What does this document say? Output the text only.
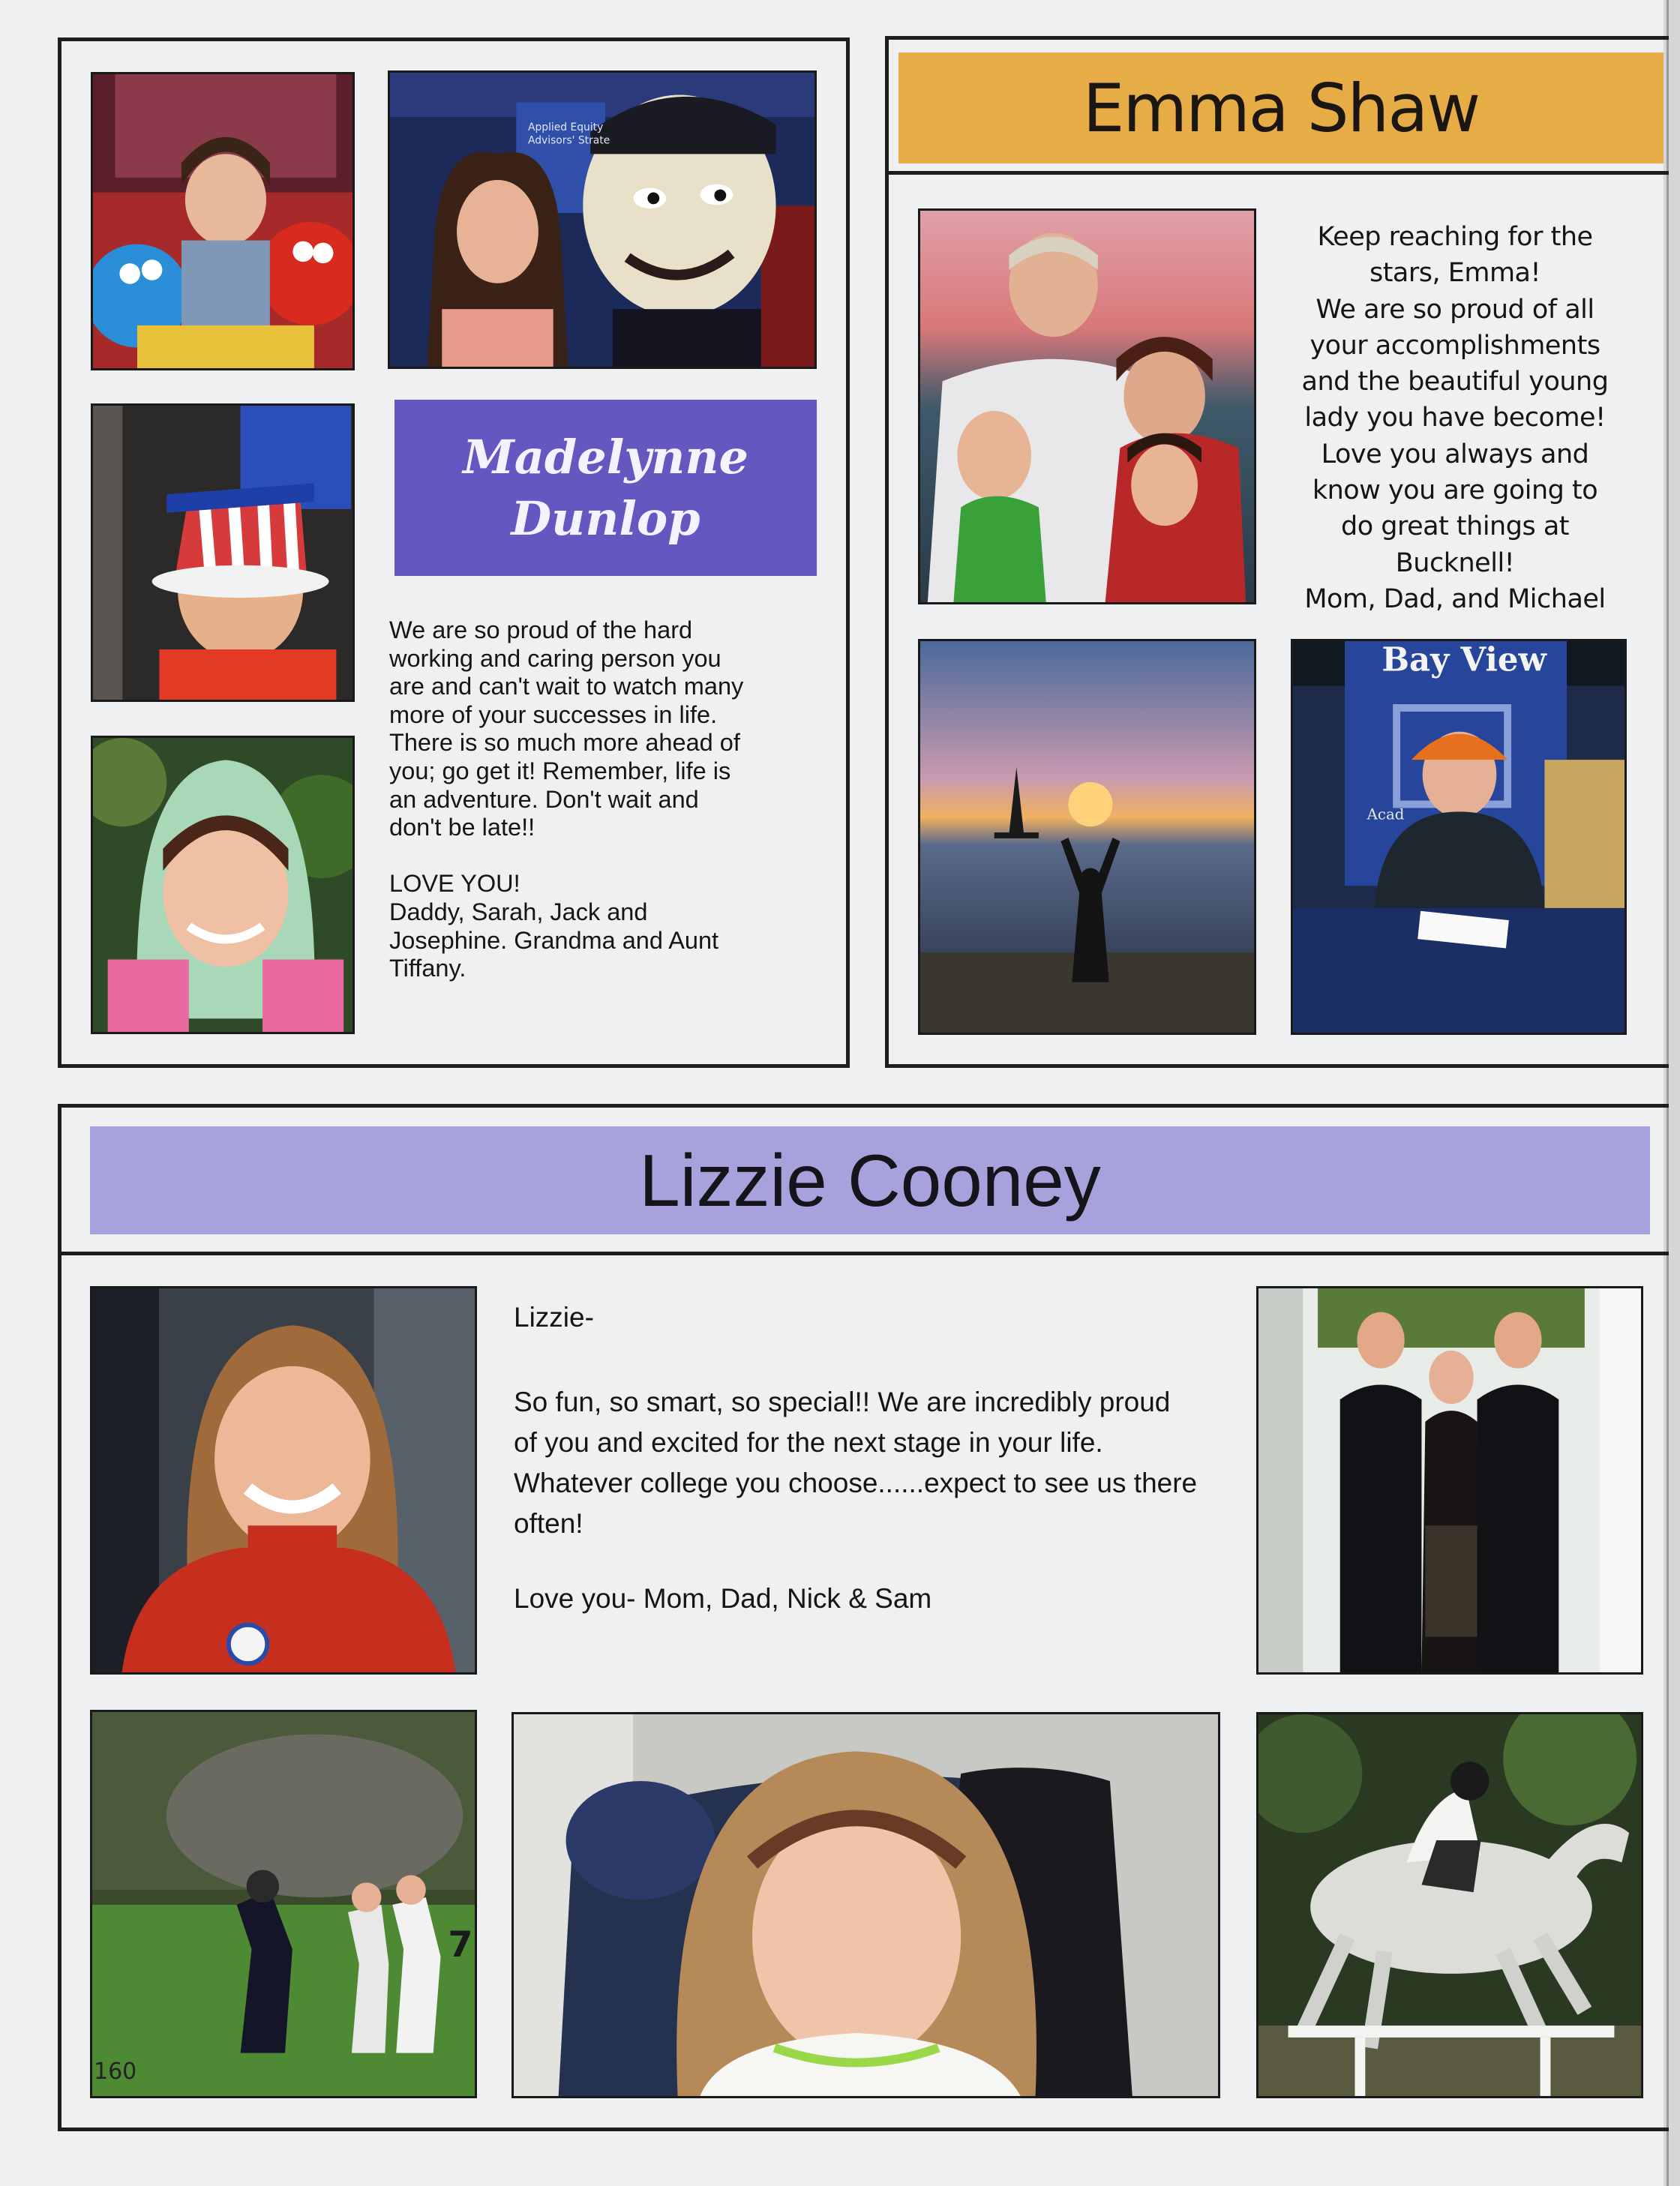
Applied Equity Advisors' Strate
Madelynne
Dunlop
We are so proud of the hard
working and caring person you
are and can't wait to watch many
more of your successes in life.
There is so much more ahead of
you; go get it! Remember, life is
an adventure. Don't wait and
don't be late!!

LOVE YOU!
Daddy, Sarah, Jack and
Josephine. Grandma and Aunt
Tiffany.
Emma Shaw
Keep reaching for the
stars, Emma!
We are so proud of all
your accomplishments
and the beautiful young
lady you have become!
Love you always and
know you are going to
do great things at
Bucknell!
Mom, Dad, and Michael
Bay View
Acad
Lizzie Cooney
Lizzie-
So fun, so smart, so special!! We are incredibly proud
of you and excited for the next stage in your life.
Whatever college you choose......expect to see us there
often!
Love you- Mom, Dad, Nick & Sam
7
160
